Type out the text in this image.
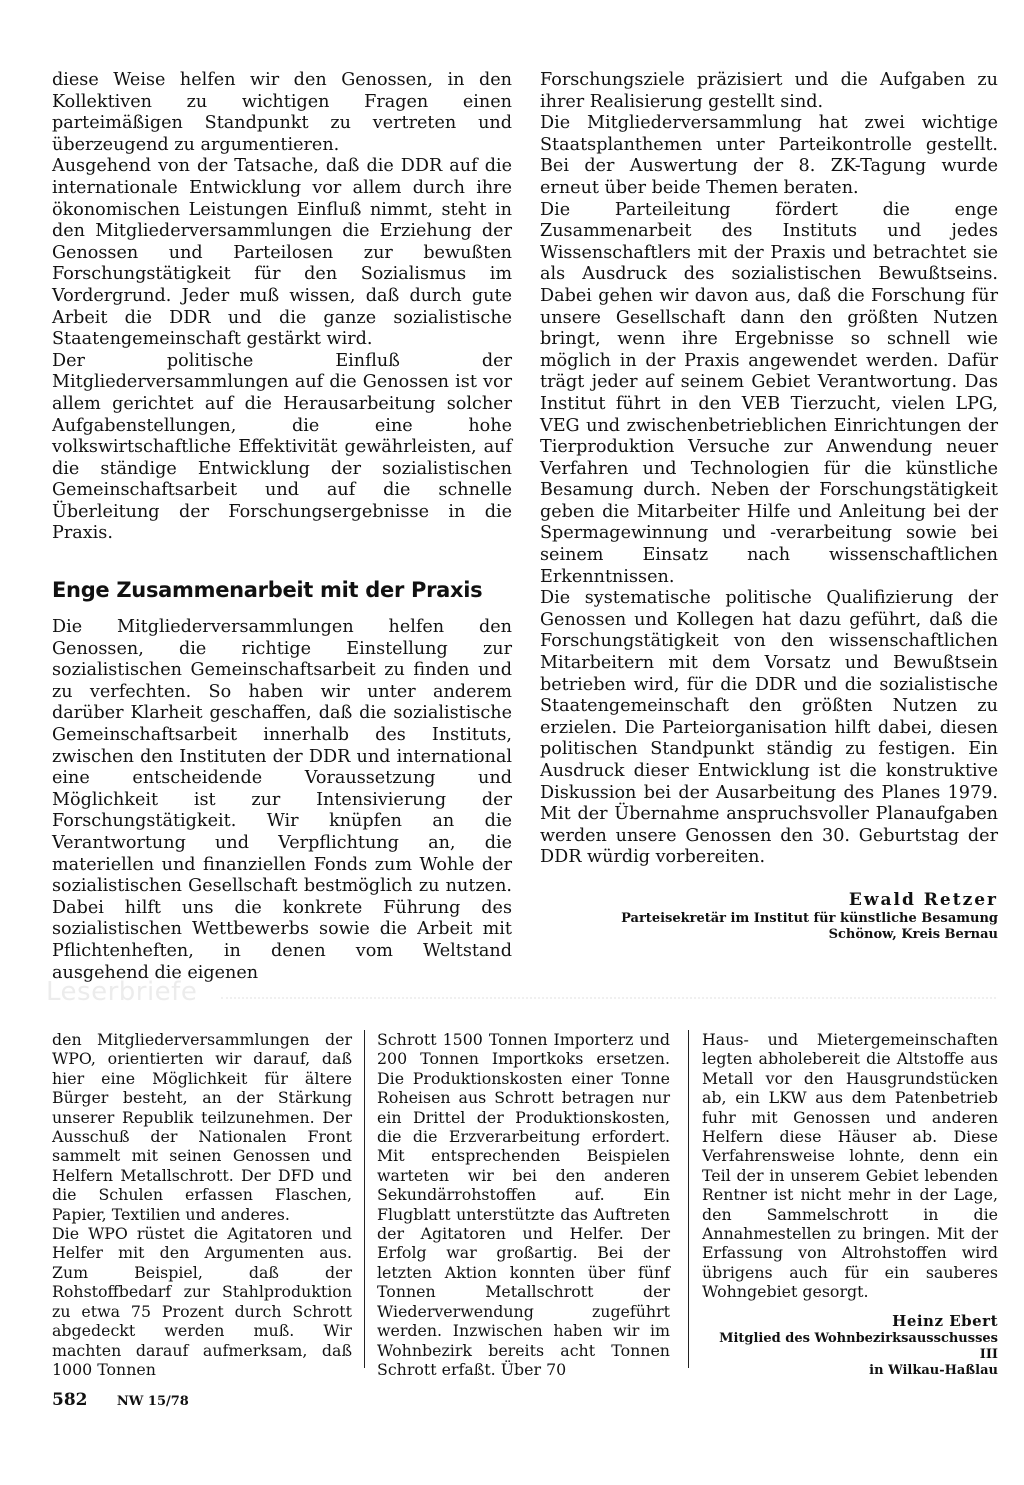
diese Weise helfen wir den Genossen, in den Kollektiven zu wichtigen Fragen einen parteimäßigen Standpunkt zu vertreten und überzeugend zu argumentieren.

Ausgehend von der Tatsache, daß die DDR auf die internationale Entwicklung vor allem durch ihre ökonomischen Leistungen Einfluß nimmt, steht in den Mitgliederversammlungen die Erziehung der Genossen und Parteilosen zur bewußten Forschungstätigkeit für den Sozialismus im Vordergrund. Jeder muß wissen, daß durch gute Arbeit die DDR und die ganze sozialistische Staatengemeinschaft gestärkt wird.

Der politische Einfluß der Mitgliederversammlungen auf die Genossen ist vor allem gerichtet auf die Herausarbeitung solcher Aufgabenstellungen, die eine hohe volkswirtschaftliche Effektivität gewährleisten, auf die ständige Entwicklung der sozialistischen Gemeinschaftsarbeit und auf die schnelle Überleitung der Forschungsergebnisse in die Praxis.

Enge Zusammenarbeit mit der Praxis

Die Mitgliederversammlungen helfen den Genossen, die richtige Einstellung zur sozialistischen Gemeinschaftsarbeit zu finden und zu verfechten. So haben wir unter anderem darüber Klarheit geschaffen, daß die sozialistische Gemeinschaftsarbeit innerhalb des Instituts, zwischen den Instituten der DDR und international eine entscheidende Voraussetzung und Möglichkeit ist zur Intensivierung der Forschungstätigkeit. Wir knüpfen an die Verantwortung und Verpflichtung an, die materiellen und finanziellen Fonds zum Wohle der sozialistischen Gesellschaft bestmöglich zu nutzen. Dabei hilft uns die konkrete Führung des sozialistischen Wettbewerbs sowie die Arbeit mit Pflichtenheften, in denen vom Weltstand ausgehend die eigenen

Forschungsziele präzisiert und die Aufgaben zu ihrer Realisierung gestellt sind.

Die Mitgliederversammlung hat zwei wichtige Staatsplanthemen unter Parteikontrolle gestellt. Bei der Auswertung der 8. ZK-Tagung wurde erneut über beide Themen beraten.

Die Parteileitung fördert die enge Zusammenarbeit des Instituts und jedes Wissenschaftlers mit der Praxis und betrachtet sie als Ausdruck des sozialistischen Bewußtseins. Dabei gehen wir davon aus, daß die Forschung für unsere Gesellschaft dann den größten Nutzen bringt, wenn ihre Ergebnisse so schnell wie möglich in der Praxis angewendet werden. Dafür trägt jeder auf seinem Gebiet Verantwortung. Das Institut führt in den VEB Tierzucht, vielen LPG, VEG und zwischenbetrieblichen Einrichtungen der Tierproduktion Versuche zur Anwendung neuer Verfahren und Technologien für die künstliche Besamung durch. Neben der Forschungstätigkeit geben die Mitarbeiter Hilfe und Anleitung bei der Spermagewinnung und -verarbeitung sowie bei seinem Einsatz nach wissenschaftlichen Erkenntnissen.

Die systematische politische Qualifizierung der Genossen und Kollegen hat dazu geführt, daß die Forschungstätigkeit von den wissenschaftlichen Mitarbeitern mit dem Vorsatz und Bewußtsein betrieben wird, für die DDR und die sozialistische Staatengemeinschaft den größten Nutzen zu erzielen. Die Parteiorganisation hilft dabei, diesen politischen Standpunkt ständig zu festigen. Ein Ausdruck dieser Entwicklung ist die konstruktive Diskussion bei der Ausarbeitung des Planes 1979. Mit der Übernahme anspruchsvoller Planaufgaben werden unsere Genossen den 30. Geburtstag der DDR würdig vorbereiten.

Ewald Retzer
Parteisekretär im Institut für künstliche Besamung
Schönow, Kreis Bernau
Leserbriefe

den Mitgliederversammlungen der WPO, orientierten wir darauf, daß hier eine Möglichkeit für ältere Bürger besteht, an der Stärkung unserer Republik teilzunehmen. Der Ausschuß der Nationalen Front sammelt mit seinen Genossen und Helfern Metallschrott. Der DFD und die Schulen erfassen Flaschen, Papier, Textilien und anderes.

Die WPO rüstet die Agitatoren und Helfer mit den Argumenten aus. Zum Beispiel, daß der Rohstoffbedarf zur Stahlproduktion zu etwa 75 Prozent durch Schrott abgedeckt werden muß. Wir machten darauf aufmerksam, daß 1000 Tonnen

Schrott 1500 Tonnen Importerz und 200 Tonnen Importkoks ersetzen. Die Produktionskosten einer Tonne Roheisen aus Schrott betragen nur ein Drittel der Produktionskosten, die die Erzverarbeitung erfordert. Mit entsprechenden Beispielen warteten wir bei den anderen Sekundärrohstoffen auf. Ein Flugblatt unterstützte das Auftreten der Agitatoren und Helfer. Der Erfolg war großartig. Bei der letzten Aktion konnten über fünf Tonnen Metallschrott der Wiederverwendung zugeführt werden. Inzwischen haben wir im Wohnbezirk bereits acht Tonnen Schrott erfaßt. Über 70

Haus- und Mietergemeinschaften legten abholebereit die Altstoffe aus Metall vor den Hausgrundstücken ab, ein LKW aus dem Patenbetrieb fuhr mit Genossen und anderen Helfern diese Häuser ab. Diese Verfahrensweise lohnte, denn ein Teil der in unserem Gebiet lebenden Rentner ist nicht mehr in der Lage, den Sammelschrott in die Annahmestellen zu bringen. Mit der Erfassung von Altrohstoffen wird übrigens auch für ein sauberes Wohngebiet gesorgt.

Heinz Ebert
Mitglied des Wohnbezirksausschusses III
in Wilkau-Haßlau
582 NW 15/78
